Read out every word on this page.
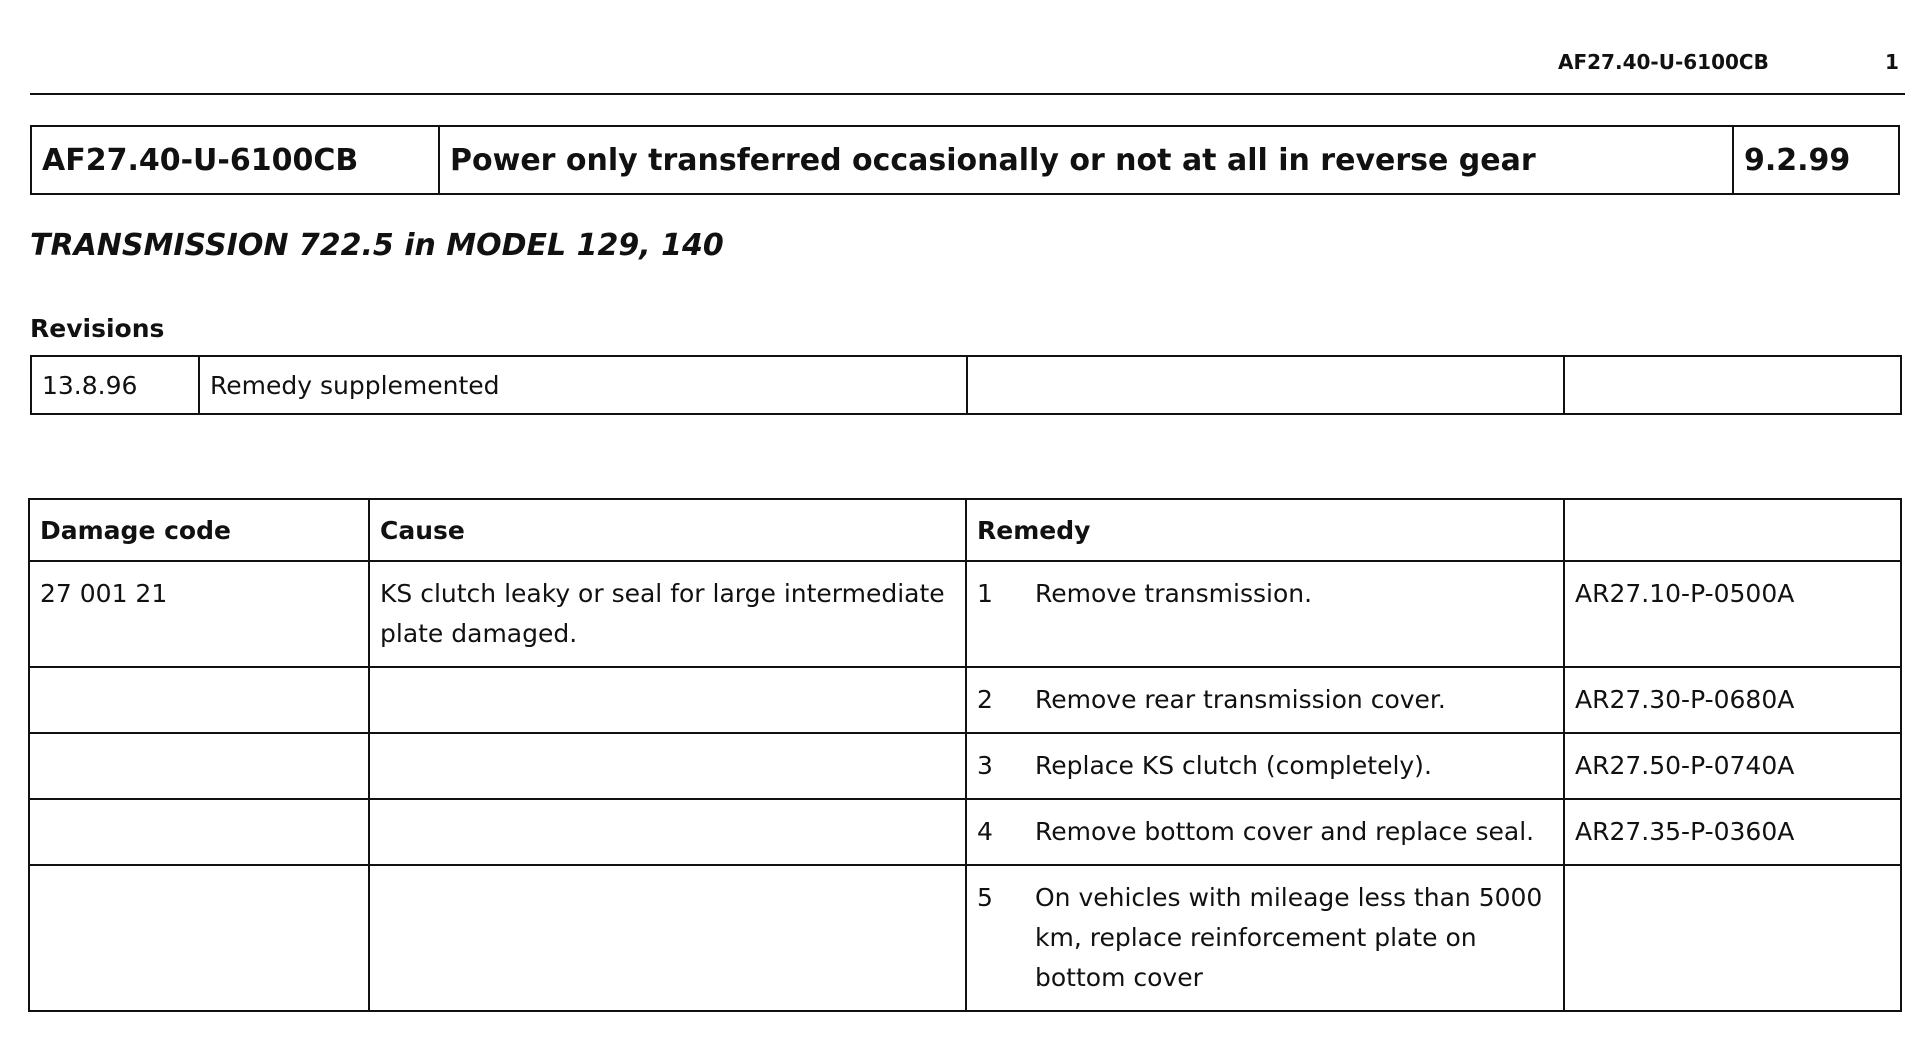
AF27.40-U-6100CB	1
AF27.40-U-6100CB	Power only transferred occasionally or not at all in reverse gear	9.2.99
TRANSMISSION 722.5 in MODEL 129, 140
Revisions
13.8.96	Remedy supplemented		
Damage code	Cause	Remedy	
27 001 21	KS clutch leaky or seal for large intermediate plate damaged.	1 Remove transmission.	AR27.10-P-0500A

		2 Remove rear transmission cover.	AR27.30-P-0680A

		3 Replace KS clutch (completely).	AR27.50-P-0740A

		4 Remove bottom cover and replace seal.	AR27.35-P-0360A

		5 On vehicles with mileage less than 5000 km, replace reinforcement plate on bottom cover	
